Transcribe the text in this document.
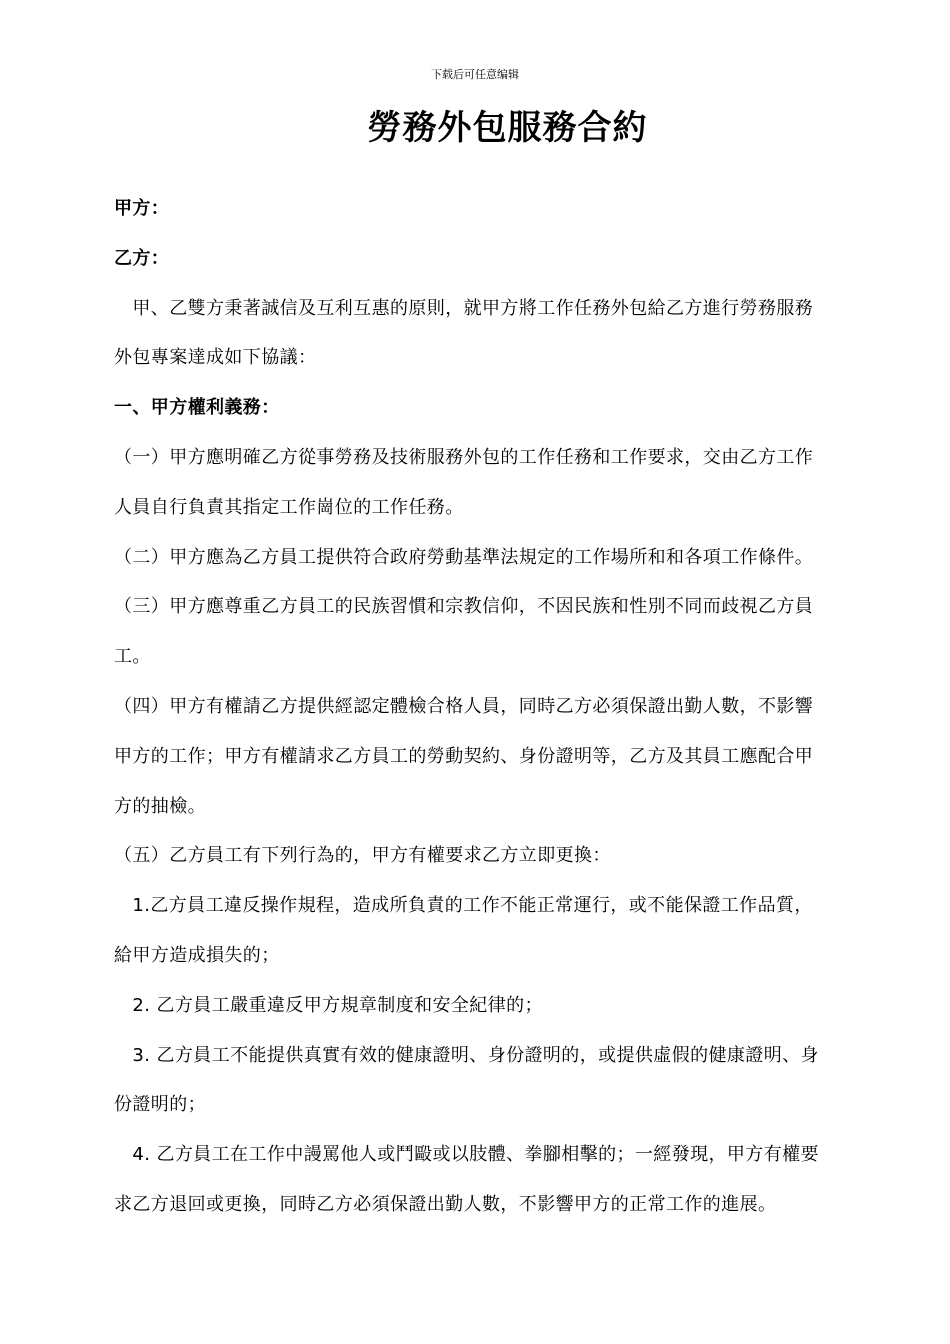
下载后可任意编辑
勞務外包服務合約
甲方：
乙方：
　甲、乙雙方秉著誠信及互利互惠的原則，就甲方將工作任務外包給乙方進行勞務服務
外包專案達成如下協議：
一、甲方權利義務：
（一）甲方應明確乙方從事勞務及技術服務外包的工作任務和工作要求，交由乙方工作
人員自行負責其指定工作崗位的工作任務。
（二）甲方應為乙方員工提供符合政府勞動基準法規定的工作場所和和各項工作條件。
（三）甲方應尊重乙方員工的民族習慣和宗教信仰，不因民族和性別不同而歧視乙方員
工。
（四）甲方有權請乙方提供經認定體檢合格人員，同時乙方必須保證出勤人數，不影響
甲方的工作；甲方有權請求乙方員工的勞動契約、身份證明等，乙方及其員工應配合甲
方的抽檢。
（五）乙方員工有下列行為的，甲方有權要求乙方立即更換：
　1.乙方員工違反操作規程，造成所負責的工作不能正常運行，或不能保證工作品質，
給甲方造成損失的；
　2. 乙方員工嚴重違反甲方規章制度和安全紀律的；
　3. 乙方員工不能提供真實有效的健康證明、身份證明的，或提供虛假的健康證明、身
份證明的；
　4. 乙方員工在工作中謾罵他人或鬥毆或以肢體、拳腳相擊的；一經發現，甲方有權要
求乙方退回或更換，同時乙方必須保證出勤人數，不影響甲方的正常工作的進展。
